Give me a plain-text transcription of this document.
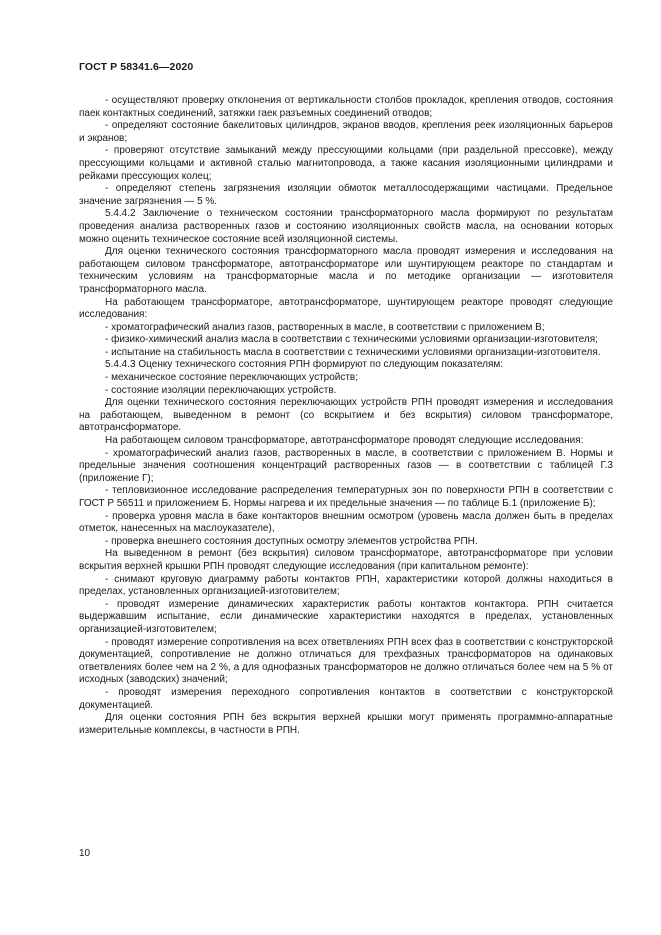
ГОСТ Р 58341.6—2020

- осуществляют проверку отклонения от вертикальности столбов прокладок, крепления отводов, состояния паек контактных соединений, затяжки гаек разъемных соединений отводов;

- определяют состояние бакелитовых цилиндров, экранов вводов, крепления реек изоляционных барьеров и экранов;

- проверяют отсутствие замыканий между прессующими кольцами (при раздельной прессовке), между прессующими кольцами и активной сталью магнитопровода, а также касания изоляционными цилиндрами и рейками прессующих колец;

- определяют степень загрязнения изоляции обмоток металлосодержащими частицами. Предельное значение загрязнения — 5 %.

5.4.4.2 Заключение о техническом состоянии трансформаторного масла формируют по результатам проведения анализа растворенных газов и состоянию изоляционных свойств масла, на основании которых можно оценить техническое состояние всей изоляционной системы.

Для оценки технического состояния трансформаторного масла проводят измерения и исследования на работающем силовом трансформаторе, автотрансформаторе или шунтирующем реакторе по стандартам и техническим условиям на трансформаторные масла и по методике организации — изготовителя трансформаторного масла.

На работающем трансформаторе, автотрансформаторе, шунтирующем реакторе проводят следующие исследования:

- хроматографический анализ газов, растворенных в масле, в соответствии с приложением В;

- физико-химический анализ масла в соответствии с техническими условиями организации-изготовителя;

- испытание на стабильность масла в соответствии с техническими условиями организации-изготовителя.

5.4.4.3 Оценку технического состояния РПН формируют по следующим показателям:

- механическое состояние переключающих устройств;

- состояние изоляции переключающих устройств.

Для оценки технического состояния переключающих устройств РПН проводят измерения и исследования на работающем, выведенном в ремонт (со вскрытием и без вскрытия) силовом трансформаторе, автотрансформаторе.

На работающем силовом трансформаторе, автотрансформаторе проводят следующие исследования:

- хроматографический анализ газов, растворенных в масле, в соответствии с приложением В. Нормы и предельные значения соотношения концентраций растворенных газов — в соответствии с таблицей Г.3 (приложение Г);

- тепловизионное исследование распределения температурных зон по поверхности РПН в соответствии с ГОСТ Р 56511 и приложением Б. Нормы нагрева и их предельные значения — по таблице Б.1 (приложение Б);

- проверка уровня масла в баке контакторов внешним осмотром (уровень масла должен быть в пределах отметок, нанесенных на маслоуказателе),

- проверка внешнего состояния доступных осмотру элементов устройства РПН.

На выведенном в ремонт (без вскрытия) силовом трансформаторе, автотрансформаторе при условии вскрытия верхней крышки РПН проводят следующие исследования (при капитальном ремонте):

- снимают круговую диаграмму работы контактов РПН, характеристики которой должны находиться в пределах, установленных организацией-изготовителем;

- проводят измерение динамических характеристик работы контактов контактора. РПН считается выдержавшим испытание, если динамические характеристики находятся в пределах, установленных организацией-изготовителем;

- проводят измерение сопротивления на всех ответвлениях РПН всех фаз в соответствии с конструкторской документацией, сопротивление не должно отличаться для трехфазных трансформаторов на одинаковых ответвлениях более чем на 2 %, а для однофазных трансформаторов не должно отличаться более чем на 5 % от исходных (заводских) значений;

- проводят измерения переходного сопротивления контактов в соответствии с конструкторской документацией.

Для оценки состояния РПН без вскрытия верхней крышки могут применять программно-аппаратные измерительные комплексы, в частности в РПН.

10
